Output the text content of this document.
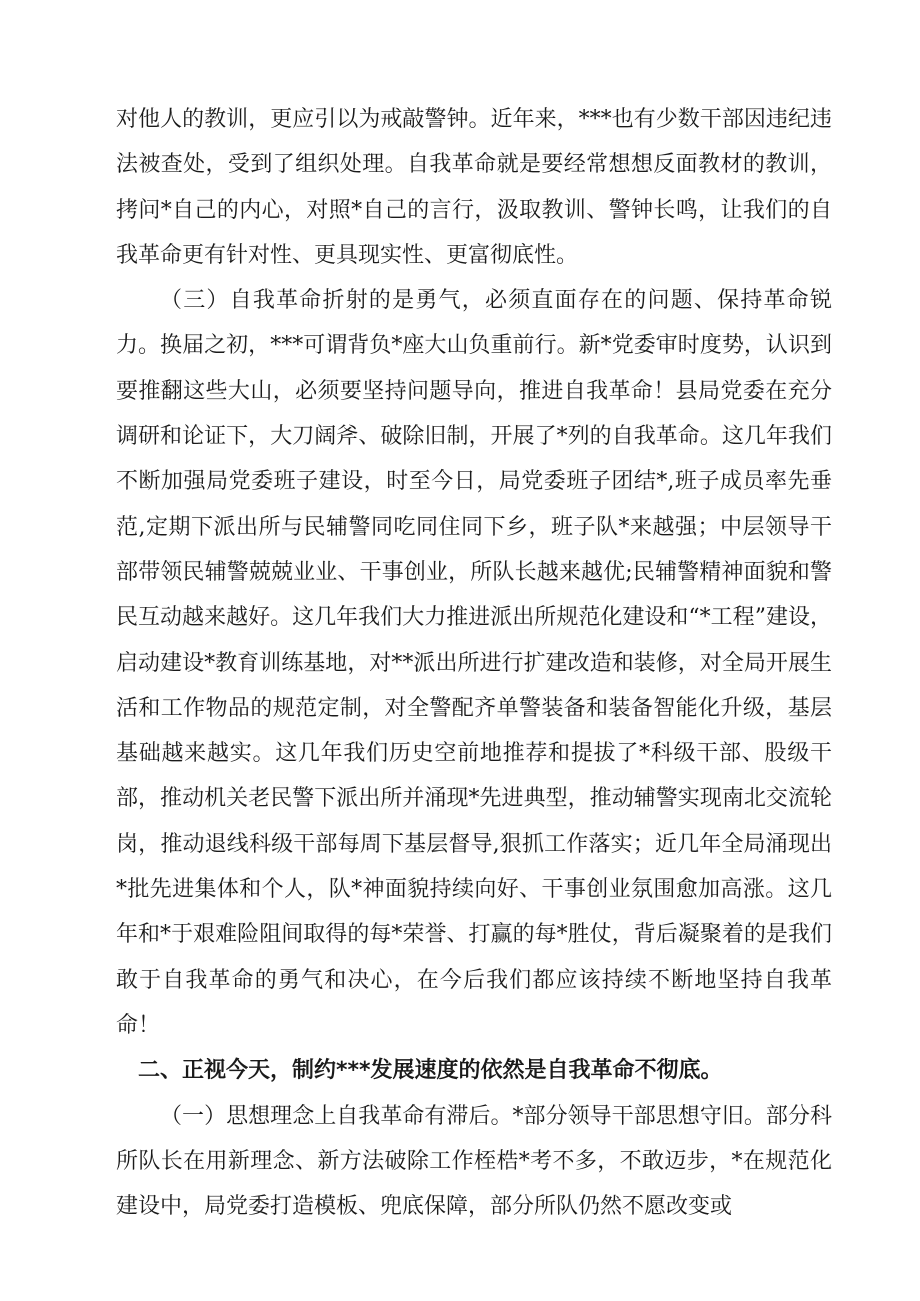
对他人的教训，更应引以为戒敲警钟。近年来，***也有少数干部因违纪违法被查处，受到了组织处理。自我革命就是要经常想想反面教材的教训，拷问*自己的内心，对照*自己的言行，汲取教训、警钟长鸣，让我们的自我革命更有针对性、更具现实性、更富彻底性。

（三）自我革命折射的是勇气，必须直面存在的问题、保持革命锐力。换届之初，***可谓背负*座大山负重前行。新*党委审时度势，认识到要推翻这些大山，必须要坚持问题导向，推进自我革命！县局党委在充分调研和论证下，大刀阔斧、破除旧制，开展了*列的自我革命。这几年我们不断加强局党委班子建设，时至今日，局党委班子团结*,班子成员率先垂范,定期下派出所与民辅警同吃同住同下乡，班子队*来越强；中层领导干部带领民辅警兢兢业业、干事创业，所队长越来越优;民辅警精神面貌和警民互动越来越好。这几年我们大力推进派出所规范化建设和“*工程”建设，启动建设*教育训练基地，对**派出所进行扩建改造和装修，对全局开展生活和工作物品的规范定制，对全警配齐单警装备和装备智能化升级，基层基础越来越实。这几年我们历史空前地推荐和提拔了*科级干部、股级干部，推动机关老民警下派出所并涌现*先进典型，推动辅警实现南北交流轮岗，推动退线科级干部每周下基层督导,狠抓工作落实；近几年全局涌现出*批先进集体和个人，队*神面貌持续向好、干事创业氛围愈加高涨。这几年和*于艰难险阻间取得的每*荣誉、打赢的每*胜仗，背后凝聚着的是我们敢于自我革命的勇气和决心，在今后我们都应该持续不断地坚持自我革命！

二、正视今天，制约***发展速度的依然是自我革命不彻底。

（一）思想理念上自我革命有滞后。*部分领导干部思想守旧。部分科所队长在用新理念、新方法破除工作桎梏*考不多，不敢迈步，*在规范化建设中，局党委打造模板、兜底保障，部分所队仍然不愿改变或
